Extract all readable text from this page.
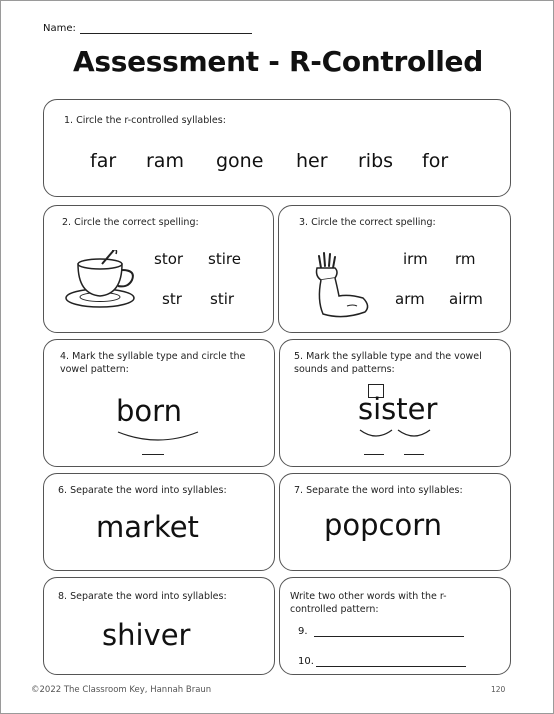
Name:
Assessment - R-Controlled
1. Circle the r-controlled syllables:
far ram gone her ribs for
2. Circle the correct spelling:
stor stire
str stir
3. Circle the correct spelling:
irm rm
arm airm
4. Mark the syllable type and circle the vowel pattern:
born
5. Mark the syllable type and the vowel sounds and patterns:
sister
6. Separate the word into syllables:
market
7. Separate the word into syllables:
popcorn
8. Separate the word into syllables:
shiver
Write two other words with the r-controlled pattern:
9.
10.
©2022 The Classroom Key, Hannah Braun	120
